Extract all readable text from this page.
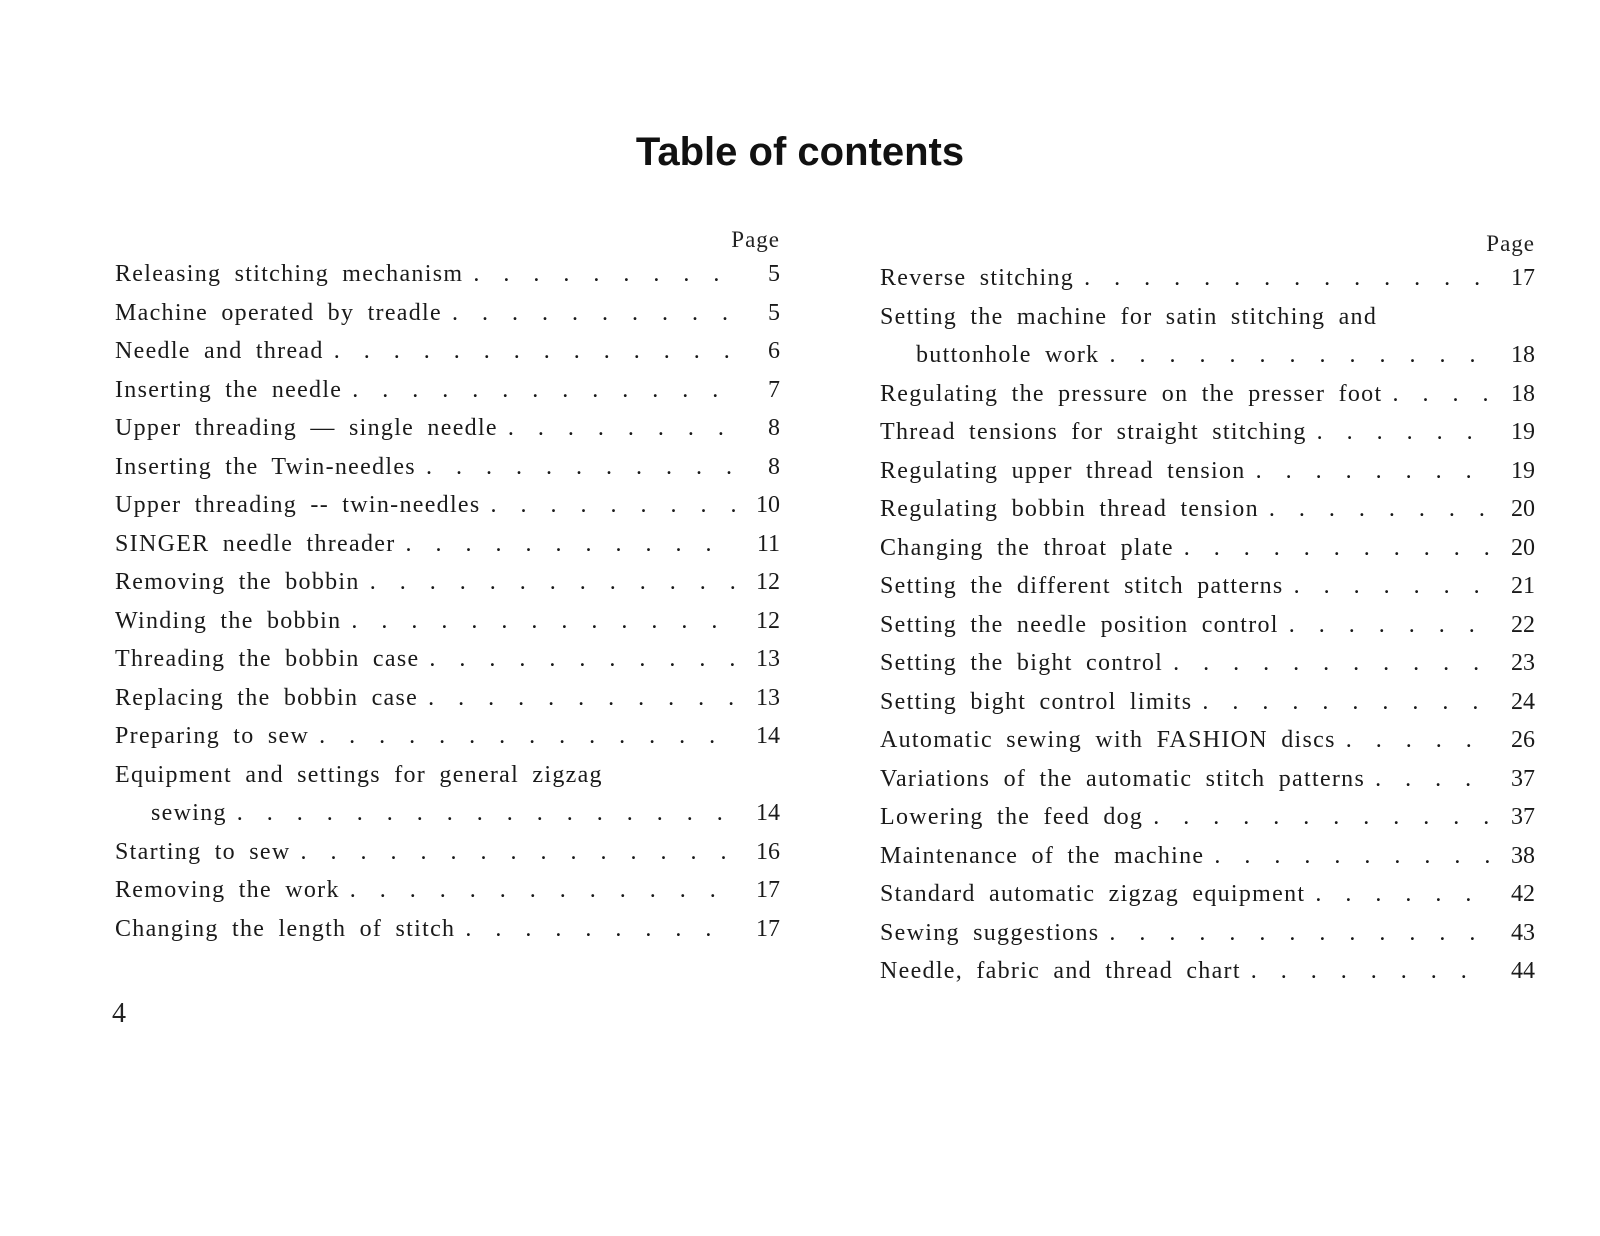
Table of contents
Page
Releasing stitching mechanism . . .	5
Machine operated by treadle . . .	5
Needle and thread . . .	6
Inserting the needle . . .	7
Upper threading — single needle . . .	8
Inserting the Twin-needles . . .	8
Upper threading -- twin-needles . . .	10
SINGER needle threader . . .	11
Removing the bobbin . . .	12
Winding the bobbin . . .	12
Threading the bobbin case . . .	13
Replacing the bobbin case . . .	13
Preparing to sew . . .	14
Equipment and settings for general zigzag
sewing . . .	14
Starting to sew . . .	16
Removing the work . . .	17
Changing the length of stitch . . .	17
Page
Reverse stitching . . .	17
Setting the machine for satin stitching and
buttonhole work . . .	18
Regulating the pressure on the presser foot . . .	18
Thread tensions for straight stitching . . .	19
Regulating upper thread tension . . .	19
Regulating bobbin thread tension . . .	20
Changing the throat plate . . .	20
Setting the different stitch patterns . . .	21
Setting the needle position control . . .	22
Setting the bight control . . .	23
Setting bight control limits . . .	24
Automatic sewing with FASHION discs . . .	26
Variations of the automatic stitch patterns . . .	37
Lowering the feed dog . . .	37
Maintenance of the machine . . .	38
Standard automatic zigzag equipment . . .	42
Sewing suggestions . . .	43
Needle, fabric and thread chart . . .	44
4
